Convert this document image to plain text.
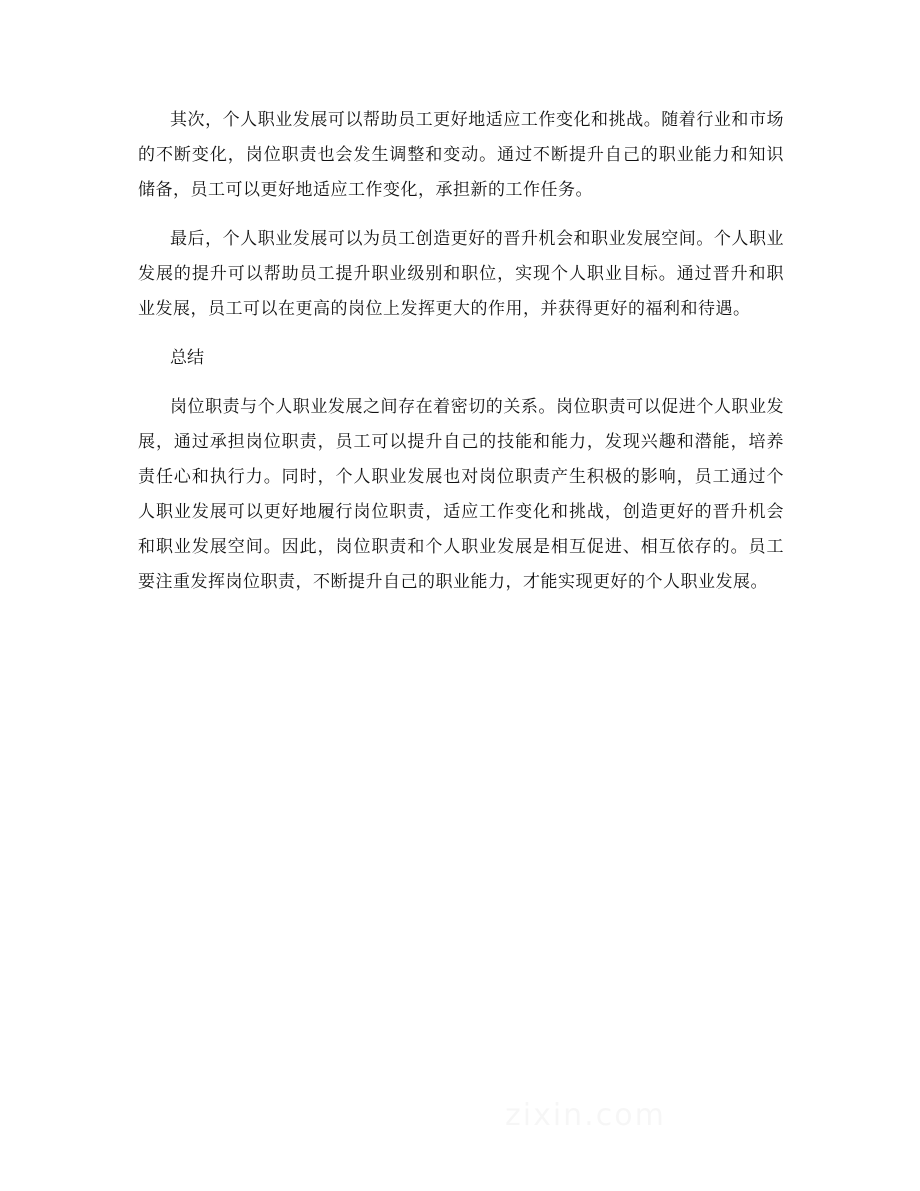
其次，个人职业发展可以帮助员工更好地适应工作变化和挑战。随着行业和市场的不断变化，岗位职责也会发生调整和变动。通过不断提升自己的职业能力和知识储备，员工可以更好地适应工作变化，承担新的工作任务。

最后，个人职业发展可以为员工创造更好的晋升机会和职业发展空间。个人职业发展的提升可以帮助员工提升职业级别和职位，实现个人职业目标。通过晋升和职业发展，员工可以在更高的岗位上发挥更大的作用，并获得更好的福利和待遇。

总结

岗位职责与个人职业发展之间存在着密切的关系。岗位职责可以促进个人职业发展，通过承担岗位职责，员工可以提升自己的技能和能力，发现兴趣和潜能，培养责任心和执行力。同时，个人职业发展也对岗位职责产生积极的影响，员工通过个人职业发展可以更好地履行岗位职责，适应工作变化和挑战，创造更好的晋升机会和职业发展空间。因此，岗位职责和个人职业发展是相互促进、相互依存的。员工要注重发挥岗位职责，不断提升自己的职业能力，才能实现更好的个人职业发展。
